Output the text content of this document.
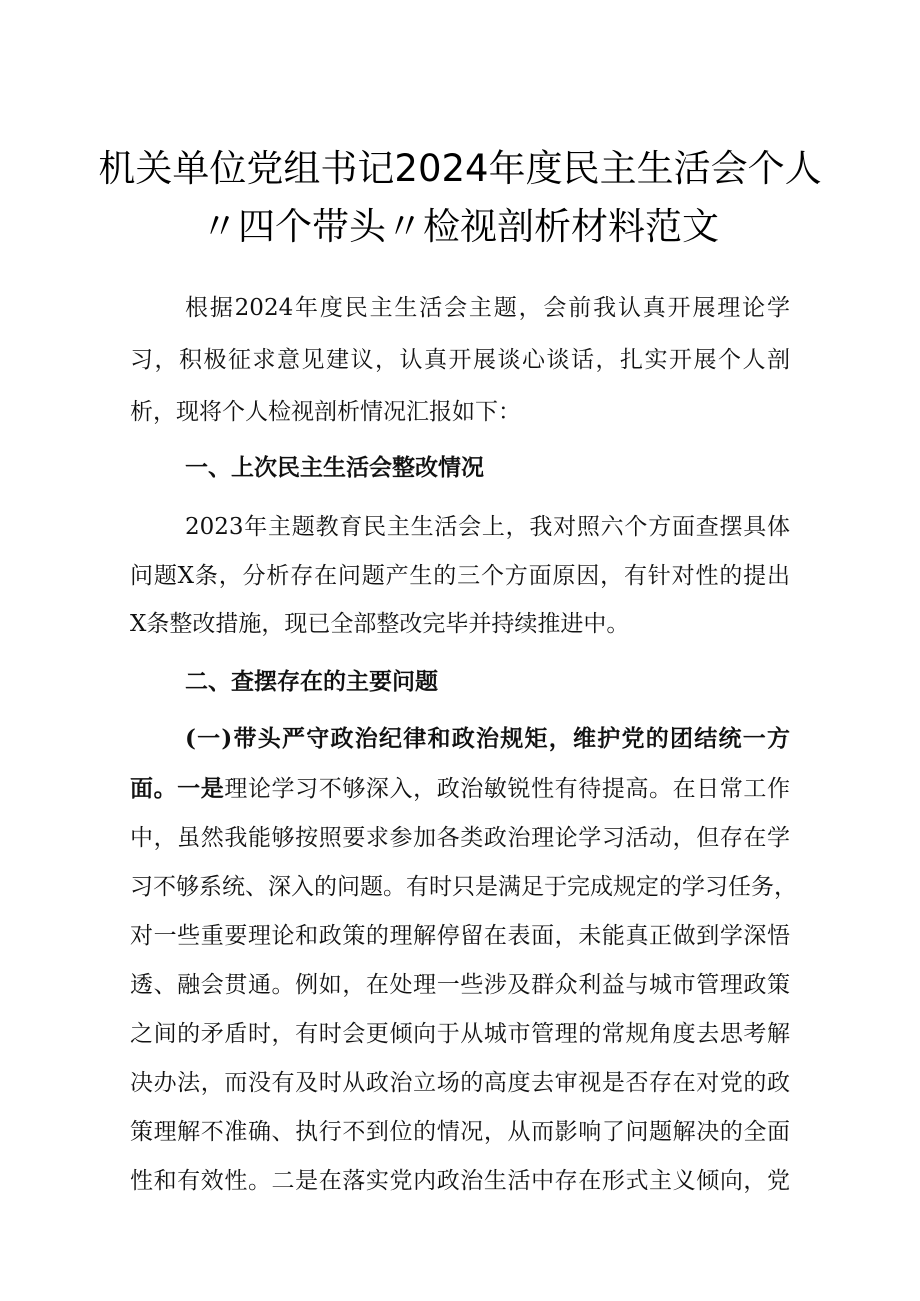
机关单位党组书记2024年度民主生活会个人
〃四个带头〃检视剖析材料范文
根据2024年度民主生活会主题，会前我认真开展理论学
习，积极征求意见建议，认真开展谈心谈话，扎实开展个人剖
析，现将个人检视剖析情况汇报如下：
一、上次民主生活会整改情况
2023年主题教育民主生活会上，我对照六个方面查摆具体
问题X条，分析存在问题产生的三个方面原因，有针对性的提出
X条整改措施，现已全部整改完毕并持续推进中。
二、查摆存在的主要问题
(一)带头严守政治纪律和政治规矩，维护党的团结统一方
面。一是理论学习不够深入，政治敏锐性有待提高。在日常工作
中，虽然我能够按照要求参加各类政治理论学习活动，但存在学
习不够系统、深入的问题。有时只是满足于完成规定的学习任务，
对一些重要理论和政策的理解停留在表面，未能真正做到学深悟
透、融会贯通。例如，在处理一些涉及群众利益与城市管理政策
之间的矛盾时，有时会更倾向于从城市管理的常规角度去思考解
决办法，而没有及时从政治立场的高度去审视是否存在对党的政
策理解不准确、执行不到位的情况，从而影响了问题解决的全面
性和有效性。二是在落实党内政治生活中存在形式主义倾向，党
